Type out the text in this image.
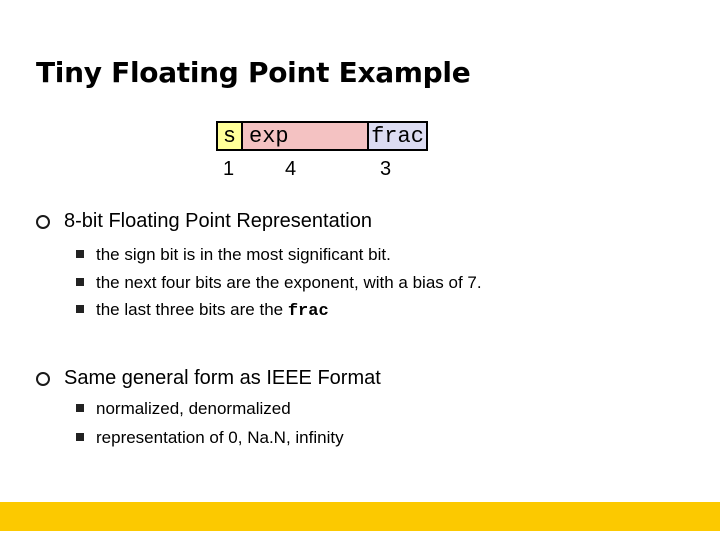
Tiny Floating Point Example
s exp	frac
1	4	3
8-bit Floating Point Representation
the sign bit is in the most significant bit.
the next four bits are the exponent, with a bias of 7.
the last three bits are the
frac
Same general form as IEEE Format
normalized, denormalized
representation of 0, Na.N, infinity
